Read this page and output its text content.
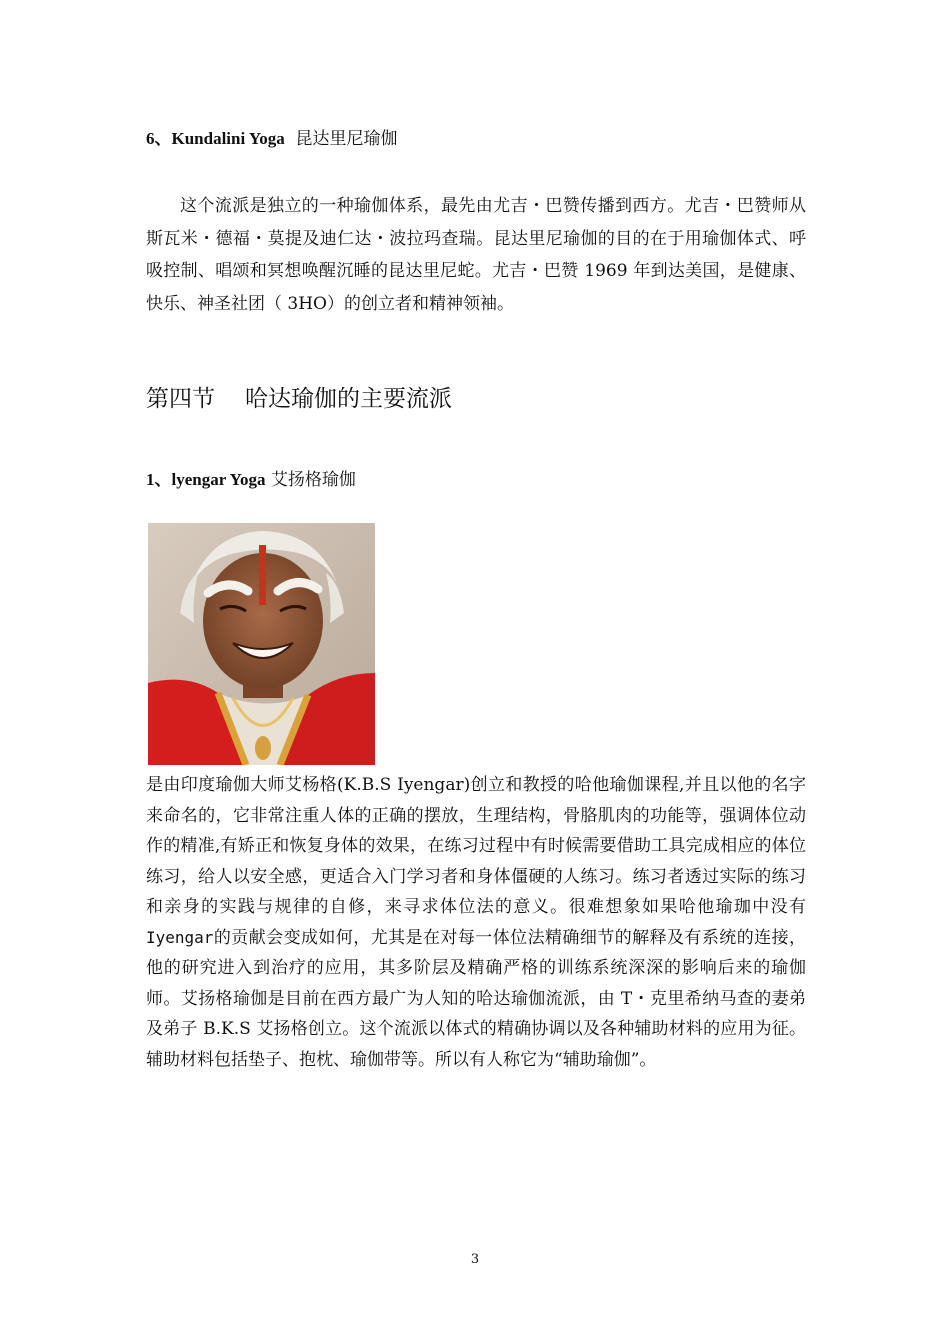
6、Kundalini Yoga 昆达里尼瑜伽

这个流派是独立的一种瑜伽体系，最先由尤吉・巴赞传播到西方。尤吉・巴赞师从斯瓦米・德福・莫提及迪仁达・波拉玛查瑞。昆达里尼瑜伽的目的在于用瑜伽体式、呼吸控制、唱颂和冥想唤醒沉睡的昆达里尼蛇。尤吉・巴赞 1969 年到达美国，是健康、快乐、神圣社团（ 3HO）的创立者和精神领袖。

第四节 哈达瑜伽的主要流派
1、lyengar Yoga 艾扬格瑜伽

是由印度瑜伽大师艾杨格(K.B.S Iyengar)创立和教授的哈他瑜伽课程,并且以他的名字来命名的，它非常注重人体的正确的摆放，生理结构，骨胳肌肉的功能等，强调体位动作的精准,有矫正和恢复身体的效果，在练习过程中有时候需要借助工具完成相应的体位练习，给人以安全感，更适合入门学习者和身体僵硬的人练习。练习者透过实际的练习和亲身的实践与规律的自修，来寻求体位法的意义。很难想象如果哈他瑜珈中没有 Iyengar的贡献会变成如何，尤其是在对每一体位法精确细节的解释及有系统的连接，他的研究进入到治疗的应用，其多阶层及精确严格的训练系统深深的影响后来的瑜伽师。艾扬格瑜伽是目前在西方最广为人知的哈达瑜伽流派，由 T・克里希纳马查的妻弟及弟子 B.K.S 艾扬格创立。这个流派以体式的精确协调以及各种辅助材料的应用为征。辅助材料包括垫子、抱枕、瑜伽带等。所以有人称它为“辅助瑜伽”。

3
